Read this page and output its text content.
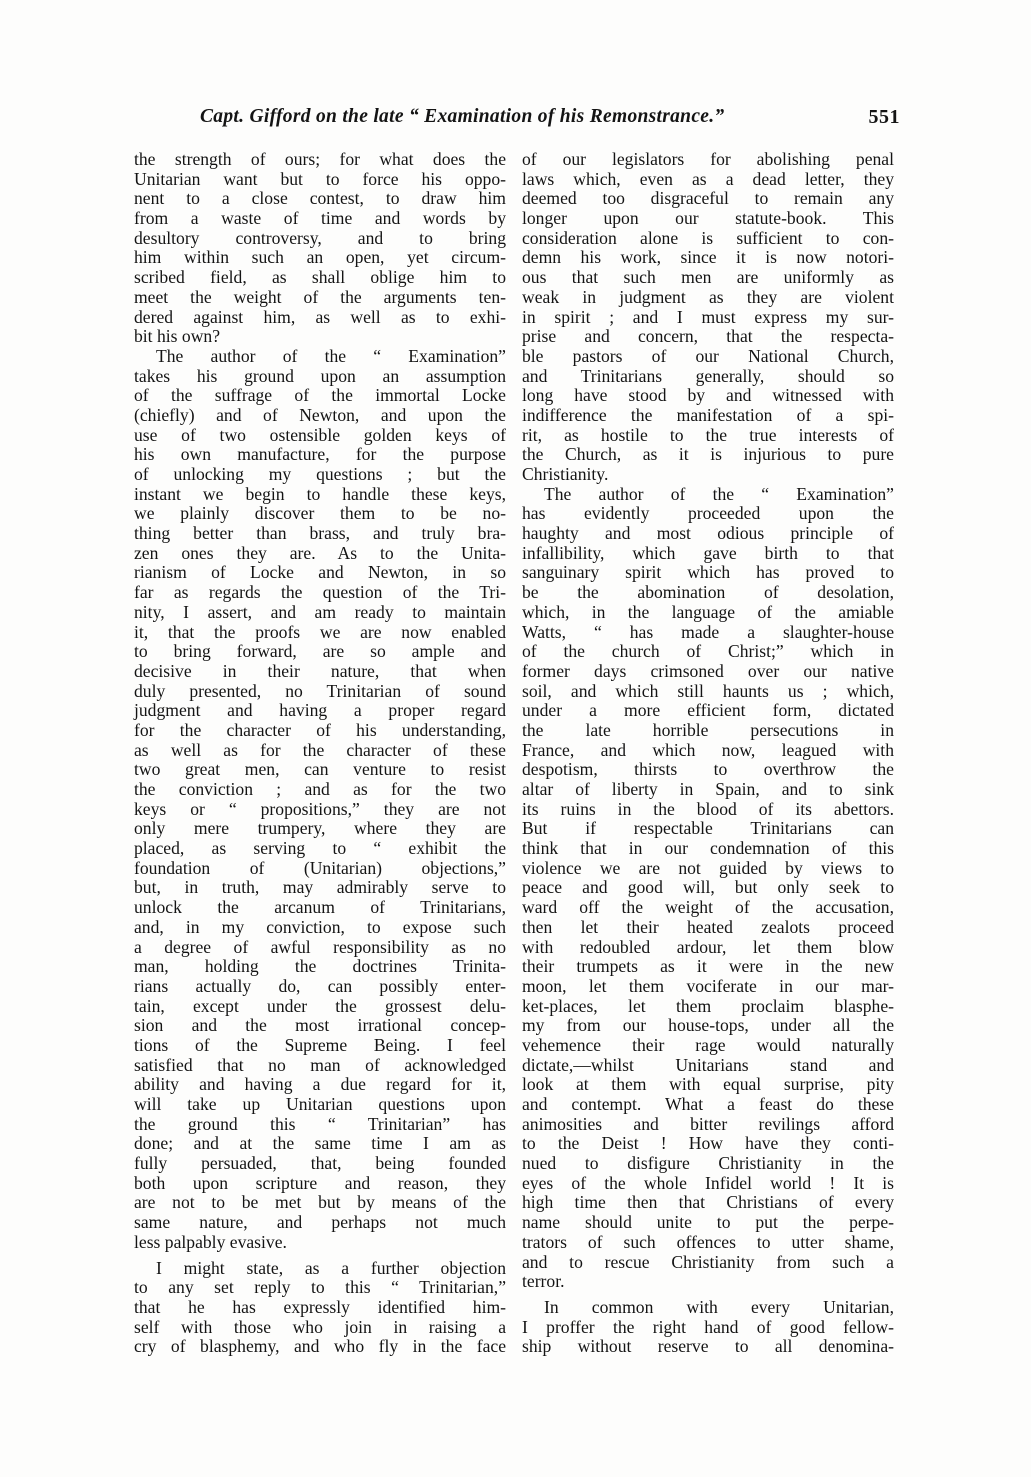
Capt. Gifford on the late “ Examination of his Remonstrance.”	551
the strength of ours; for what does the
Unitarian want but to force his oppo-
nent to a close contest, to draw him
from a waste of time and words by
desultory controversy, and to bring
him within such an open, yet circum-
scribed field, as shall oblige him to
meet the weight of the arguments ten-
dered against him, as well as to exhi-
bit his own?
The author of the “ Examination”
takes his ground upon an assumption
of the suffrage of the immortal Locke
(chiefly) and of Newton, and upon the
use of two ostensible golden keys of
his own manufacture, for the purpose
of unlocking my questions ; but the
instant we begin to handle these keys,
we plainly discover them to be no-
thing better than brass, and truly bra-
zen ones they are. As to the Unita-
rianism of Locke and Newton, in so
far as regards the question of the Tri-
nity, I assert, and am ready to maintain
it, that the proofs we are now enabled
to bring forward, are so ample and
decisive in their nature, that when
duly presented, no Trinitarian of sound
judgment and having a proper regard
for the character of his understanding,
as well as for the character of these
two great men, can venture to resist
the conviction ; and as for the two
keys or “ propositions,” they are not
only mere trumpery, where they are
placed, as serving to “ exhibit the
foundation of (Unitarian) objections,”
but, in truth, may admirably serve to
unlock the arcanum of Trinitarians,
and, in my conviction, to expose such
a degree of awful responsibility as no
man, holding the doctrines Trinita-
rians actually do, can possibly enter-
tain, except under the grossest delu-
sion and the most irrational concep-
tions of the Supreme Being. I feel
satisfied that no man of acknowledged
ability and having a due regard for it,
will take up Unitarian questions upon
the ground this “ Trinitarian” has
done; and at the same time I am as
fully persuaded, that, being founded
both upon scripture and reason, they
are not to be met but by means of the
same nature, and perhaps not much
less palpably evasive.
I might state, as a further objection
to any set reply to this “ Trinitarian,”
that he has expressly identified him-
self with those who join in raising a
cry of blasphemy, and who fly in the face
of our legislators for abolishing penal
laws which, even as a dead letter, they
deemed too disgraceful to remain any
longer upon our statute-book. This
consideration alone is sufficient to con-
demn his work, since it is now notori-
ous that such men are uniformly as
weak in judgment as they are violent
in spirit ; and I must express my sur-
prise and concern, that the respecta-
ble pastors of our National Church,
and Trinitarians generally, should so
long have stood by and witnessed with
indifference the manifestation of a spi-
rit, as hostile to the true interests of
the Church, as it is injurious to pure
Christianity.
The author of the “ Examination”
has evidently proceeded upon the
haughty and most odious principle of
infallibility, which gave birth to that
sanguinary spirit which has proved to
be the abomination of desolation,
which, in the language of the amiable
Watts, “ has made a slaughter-house
of the church of Christ;” which in
former days crimsoned over our native
soil, and which still haunts us ; which,
under a more efficient form, dictated
the late horrible persecutions in
France, and which now, leagued with
despotism, thirsts to overthrow the
altar of liberty in Spain, and to sink
its ruins in the blood of its abettors.
But if respectable Trinitarians can
think that in our condemnation of this
violence we are not guided by views to
peace and good will, but only seek to
ward off the weight of the accusation,
then let their heated zealots proceed
with redoubled ardour, let them blow
their trumpets as it were in the new
moon, let them vociferate in our mar-
ket-places, let them proclaim blasphe-
my from our house-tops, under all the
vehemence their rage would naturally
dictate,—whilst Unitarians stand and
look at them with equal surprise, pity
and contempt. What a feast do these
animosities and bitter revilings afford
to the Deist ! How have they conti-
nued to disfigure Christianity in the
eyes of the whole Infidel world ! It is
high time then that Christians of every
name should unite to put the perpe-
trators of such offences to utter shame,
and to rescue Christianity from such a
terror.
In common with every Unitarian,
I proffer the right hand of good fellow-
ship without reserve to all denomina-
